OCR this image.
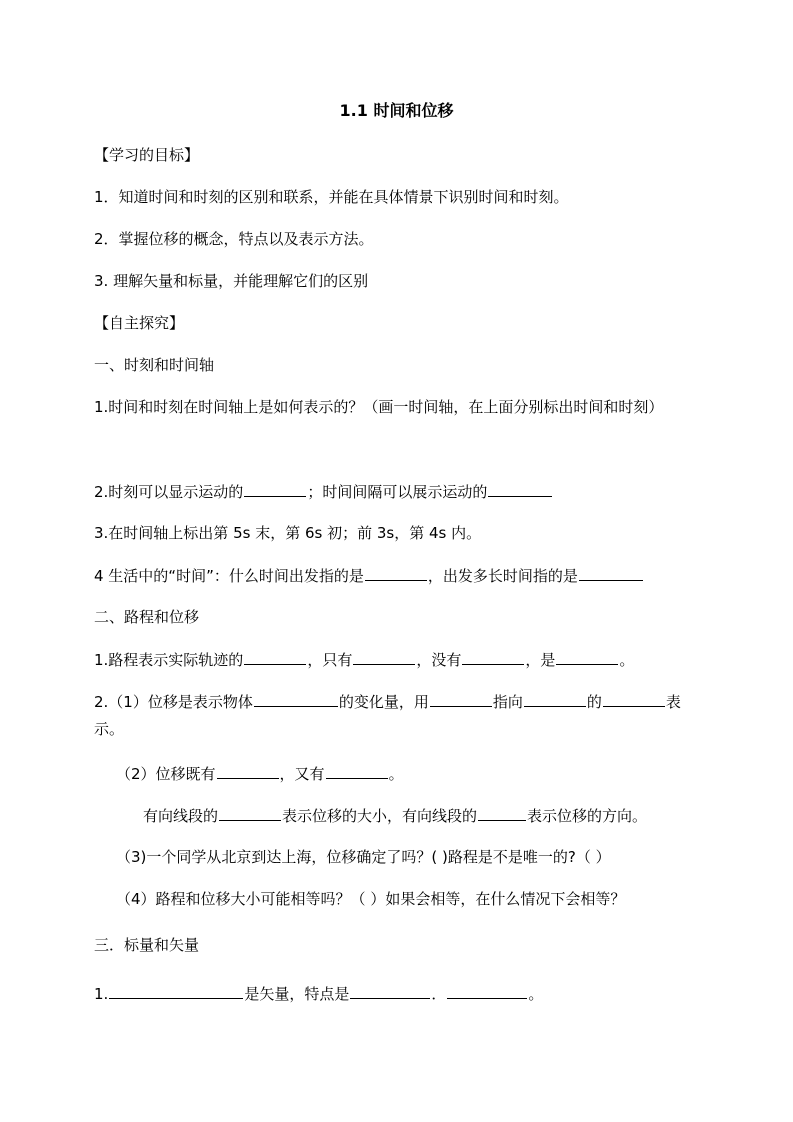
1.1 时间和位移
【学习的目标】
1．知道时间和时刻的区别和联系，并能在具体情景下识别时间和时刻。
2．掌握位移的概念，特点以及表示方法。
3. 理解矢量和标量，并能理解它们的区别
【自主探究】
一、时刻和时间轴
1.时间和时刻在时间轴上是如何表示的？（画一时间轴，在上面分别标出时间和时刻）
2.时刻可以显示运动的	；时间间隔可以展示运动的
3.在时间轴上标出第 5s 末，第 6s 初；前 3s，第 4s 内。
4 生活中的“时间”：什么时间出发指的是	，出发多长时间指的是
二、路程和位移
1.路程表示实际轨迹的	，只有	，没有	，是	。
2.（1）位移是表示物体	的变化量，用	指向	的	表
示。
（2）位移既有	，又有	。
有向线段的	表示位移的大小，有向线段的	表示位移的方向。
（3)一个同学从北京到达上海，位移确定了吗？( )路程是不是唯一的?（ ）
（4）路程和位移大小可能相等吗？（ ）如果会相等，在什么情况下会相等？
三．标量和矢量
1.	是矢量，特点是	．	。
